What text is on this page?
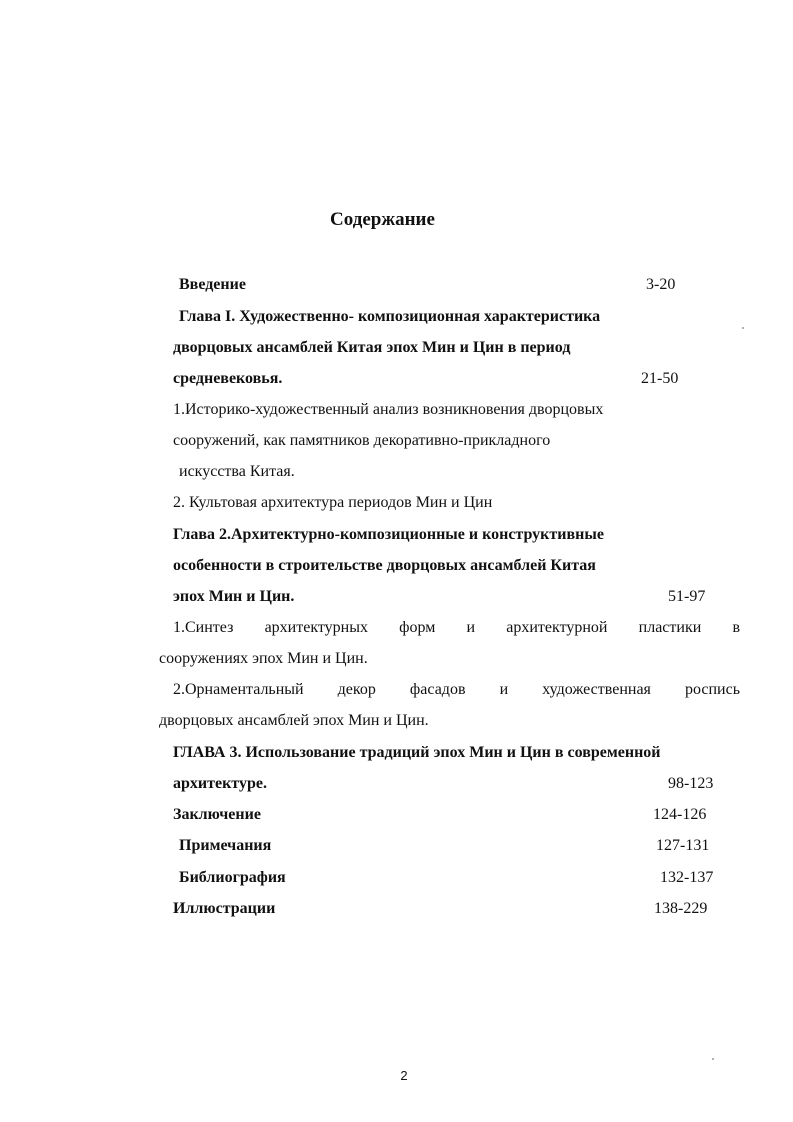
Содержание
Введение	3-20
Глава I. Художественно- композиционная характеристика
дворцовых ансамблей Китая эпох Мин и Цин в период
средневековья.	21-50
1.Историко-художественный анализ возникновения дворцовых
сооружений, как памятников декоративно-прикладного
искусства Китая.
2. Культовая архитектура периодов Мин и Цин
Глава 2.Архитектурно-композиционные и конструктивные
особенности в строительстве дворцовых ансамблей Китая
эпох Мин и Цин.	51-97
1.Синтез архитектурных форм и архитектурной пластики в
сооружениях эпох Мин и Цин.
2.Орнаментальный декор фасадов и художественная роспись
дворцовых ансамблей эпох Мин и Цин.
ГЛАВА 3. Использование традиций эпох Мин и Цин в современной
архитектуре.	98-123
Заключение	124-126
Примечания	127-131
Библиография	132-137
Иллюстрации	138-229
2
